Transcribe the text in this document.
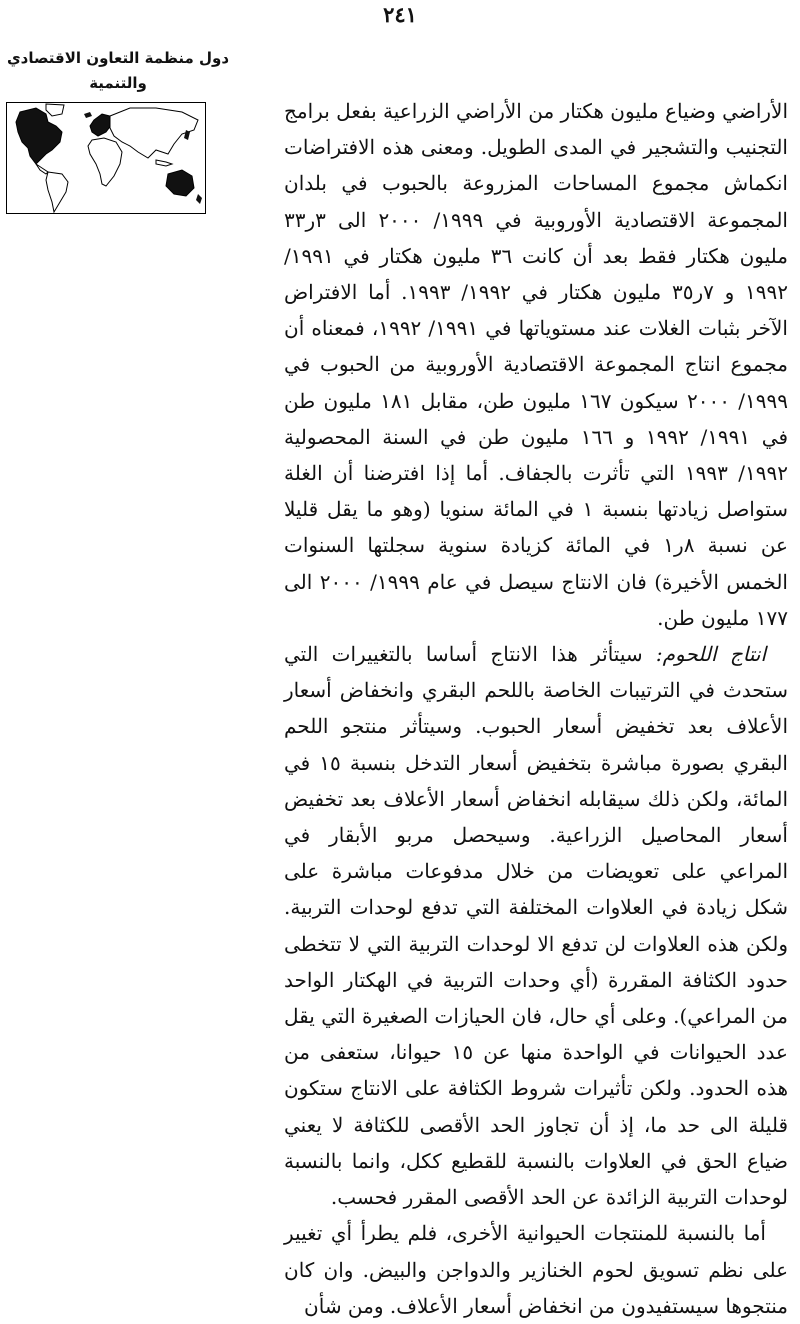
٢٤١
دول منظمة التعاون الاقتصادي
والتنمية

الأراضي وضياع مليون هكتار من الأراضي الزراعية بفعل برامج التجنيب والتشجير في المدى الطويل. ومعنى هذه الافتراضات انكماش مجموع المساحات المزروعة بالحبوب في بلدان المجموعة الاقتصادية الأوروبية في ١٩٩٩/ ٢٠٠٠ الى ٣ر٣٣ مليون هكتار فقط بعد أن كانت ٣٦ مليون هكتار في ١٩٩١/ ١٩٩٢ و ٧ر٣٥ مليون هكتار في ١٩٩٢/ ١٩٩٣. أما الافتراض الآخر بثبات الغلات عند مستوياتها في ١٩٩١/ ١٩٩٢، فمعناه أن مجموع انتاج المجموعة الاقتصادية الأوروبية من الحبوب في ١٩٩٩/ ٢٠٠٠ سيكون ١٦٧ مليون طن، مقابل ١٨١ مليون طن في ١٩٩١/ ١٩٩٢ و ١٦٦ مليون طن في السنة المحصولية ١٩٩٢/ ١٩٩٣ التي تأثرت بالجفاف. أما إذا افترضنا أن الغلة ستواصل زيادتها بنسبة ١ في المائة سنويا (وهو ما يقل قليلا عن نسبة ٨ر١ في المائة كزيادة سنوية سجلتها السنوات الخمس الأخيرة) فان الانتاج سيصل في عام ١٩٩٩/ ٢٠٠٠ الى ١٧٧ مليون طن.

انتاج اللحوم: سيتأثر هذا الانتاج أساسا بالتغييرات التي ستحدث في الترتيبات الخاصة باللحم البقري وانخفاض أسعار الأعلاف بعد تخفيض أسعار الحبوب. وسيتأثر منتجو اللحم البقري بصورة مباشرة بتخفيض أسعار التدخل بنسبة ١٥ في المائة، ولكن ذلك سيقابله انخفاض أسعار الأعلاف بعد تخفيض أسعار المحاصيل الزراعية. وسيحصل مربو الأبقار في المراعي على تعويضات من خلال مدفوعات مباشرة على شكل زيادة في العلاوات المختلفة التي تدفع لوحدات التربية. ولكن هذه العلاوات لن تدفع الا لوحدات التربية التي لا تتخطى حدود الكثافة المقررة (أي وحدات التربية في الهكتار الواحد من المراعي). وعلى أي حال، فان الحيازات الصغيرة التي يقل عدد الحيوانات في الواحدة منها عن ١٥ حيوانا، ستعفى من هذه الحدود. ولكن تأثيرات شروط الكثافة على الانتاج ستكون قليلة الى حد ما، إذ أن تجاوز الحد الأقصى للكثافة لا يعني ضياع الحق في العلاوات بالنسبة للقطيع ككل، وانما بالنسبة لوحدات التربية الزائدة عن الحد الأقصى المقرر فحسب.

أما بالنسبة للمنتجات الحيوانية الأخرى، فلم يطرأ أي تغيير على نظم تسويق لحوم الخنازير والدواجن والبيض. وان كان منتجوها سيستفيدون من انخفاض أسعار الأعلاف. ومن شأن
